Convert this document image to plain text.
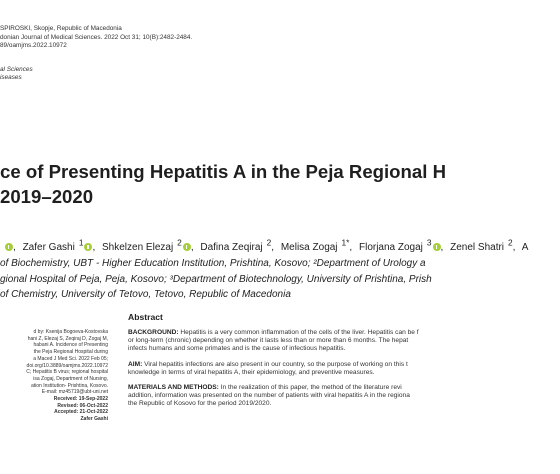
SPIROSKI, Skopje, Republic of Macedonia
donian Journal of Medical Sciences. 2022 Oct 31; 10(B):2482-2484.
89/oamjms.2022.10972
al Sciences
iseases
ce of Presenting Hepatitis A in the Peja Regional H
2019–2020
, Zafer Gashi $^1$ , Shkelzen Elezaj $^2$ , Dafina Zeqiraj $^2$, Melisa Zogaj $^{1*}$, Florjana Zogaj $^3$ , Zenel Shatri $^2$, A
of Biochemistry, UBT - Higher Education Institution, Prishtina, Kosovo; ²Department of Urology a
gional Hospital of Peja, Peja, Kosovo; ³Department of Biotechnology, University of Prishtina, Prish
of Chemistry, University of Tetovo, Tetovo, Republic of Macedonia
d by: Ksenija Bogoeva-Kostovska
hani Z, Elezaj S, Zeqiraj D, Zogaj M,
habani A. Incidence of Presenting
the Peja Regional Hospital during
a Maced J Med Sci. 2022 Feb 05;
doi.org/10.3889/oamjms.2022.10972
C; Hepatitis B virus; regional hospital
isa Zogaj, Department of Nursing,
ation Institution- Prishtina, Kosovo.
E-mail: mz45719@ubt-uni.net
Received: 19-Sep-2022
Revised: 06-Oct-2022
Accepted: 21-Oct-2022
Zafer Gashi
Abstract

BACKGROUND: Hepatitis is a very common inflammation of the cells of the liver. Hepatitis can be f
or long-term (chronic) depending on whether it lasts less than or more than 6 months. The hepat
infects humans and some primates and is the cause of infectious hepatitis.

AIM: Viral hepatitis infections are also present in our country, so the purpose of working on this t
knowledge in terms of viral hepatitis A, their epidemiology, and preventive measures.

MATERIALS AND METHODS: In the realization of this paper, the method of the literature revi
addition, information was presented on the number of patients with viral hepatitis A in the regiona
the Republic of Kosovo for the period 2019/2020.
